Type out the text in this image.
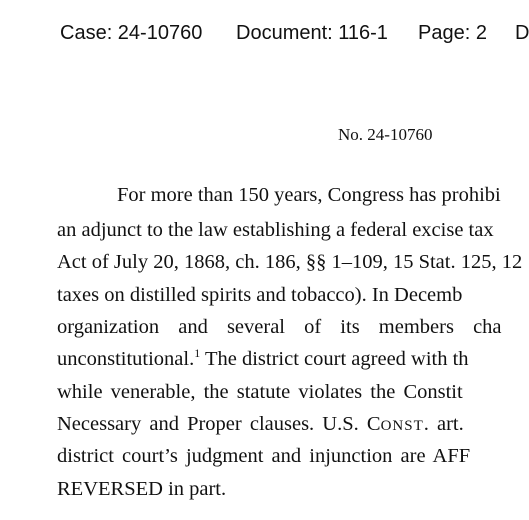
Case: 24-10760 Document: 116-1 Page: 2 D
No. 24-10760
For more than 150 years, Congress has prohibi
an adjunct to the law establishing a federal excise tax
Act of July 20, 1868, ch. 186, §§ 1–109, 15 Stat. 125, 12
taxes on distilled spirits and tobacco). In Decemb
organization and several of its members cha
unconstitutional.$^1$ The district court agreed with th
while venerable, the statute violates the Constit
Necessary and Proper clauses. U.S. CONST. art.
district court’s judgment and injunction are AFF
REVERSED in part.
